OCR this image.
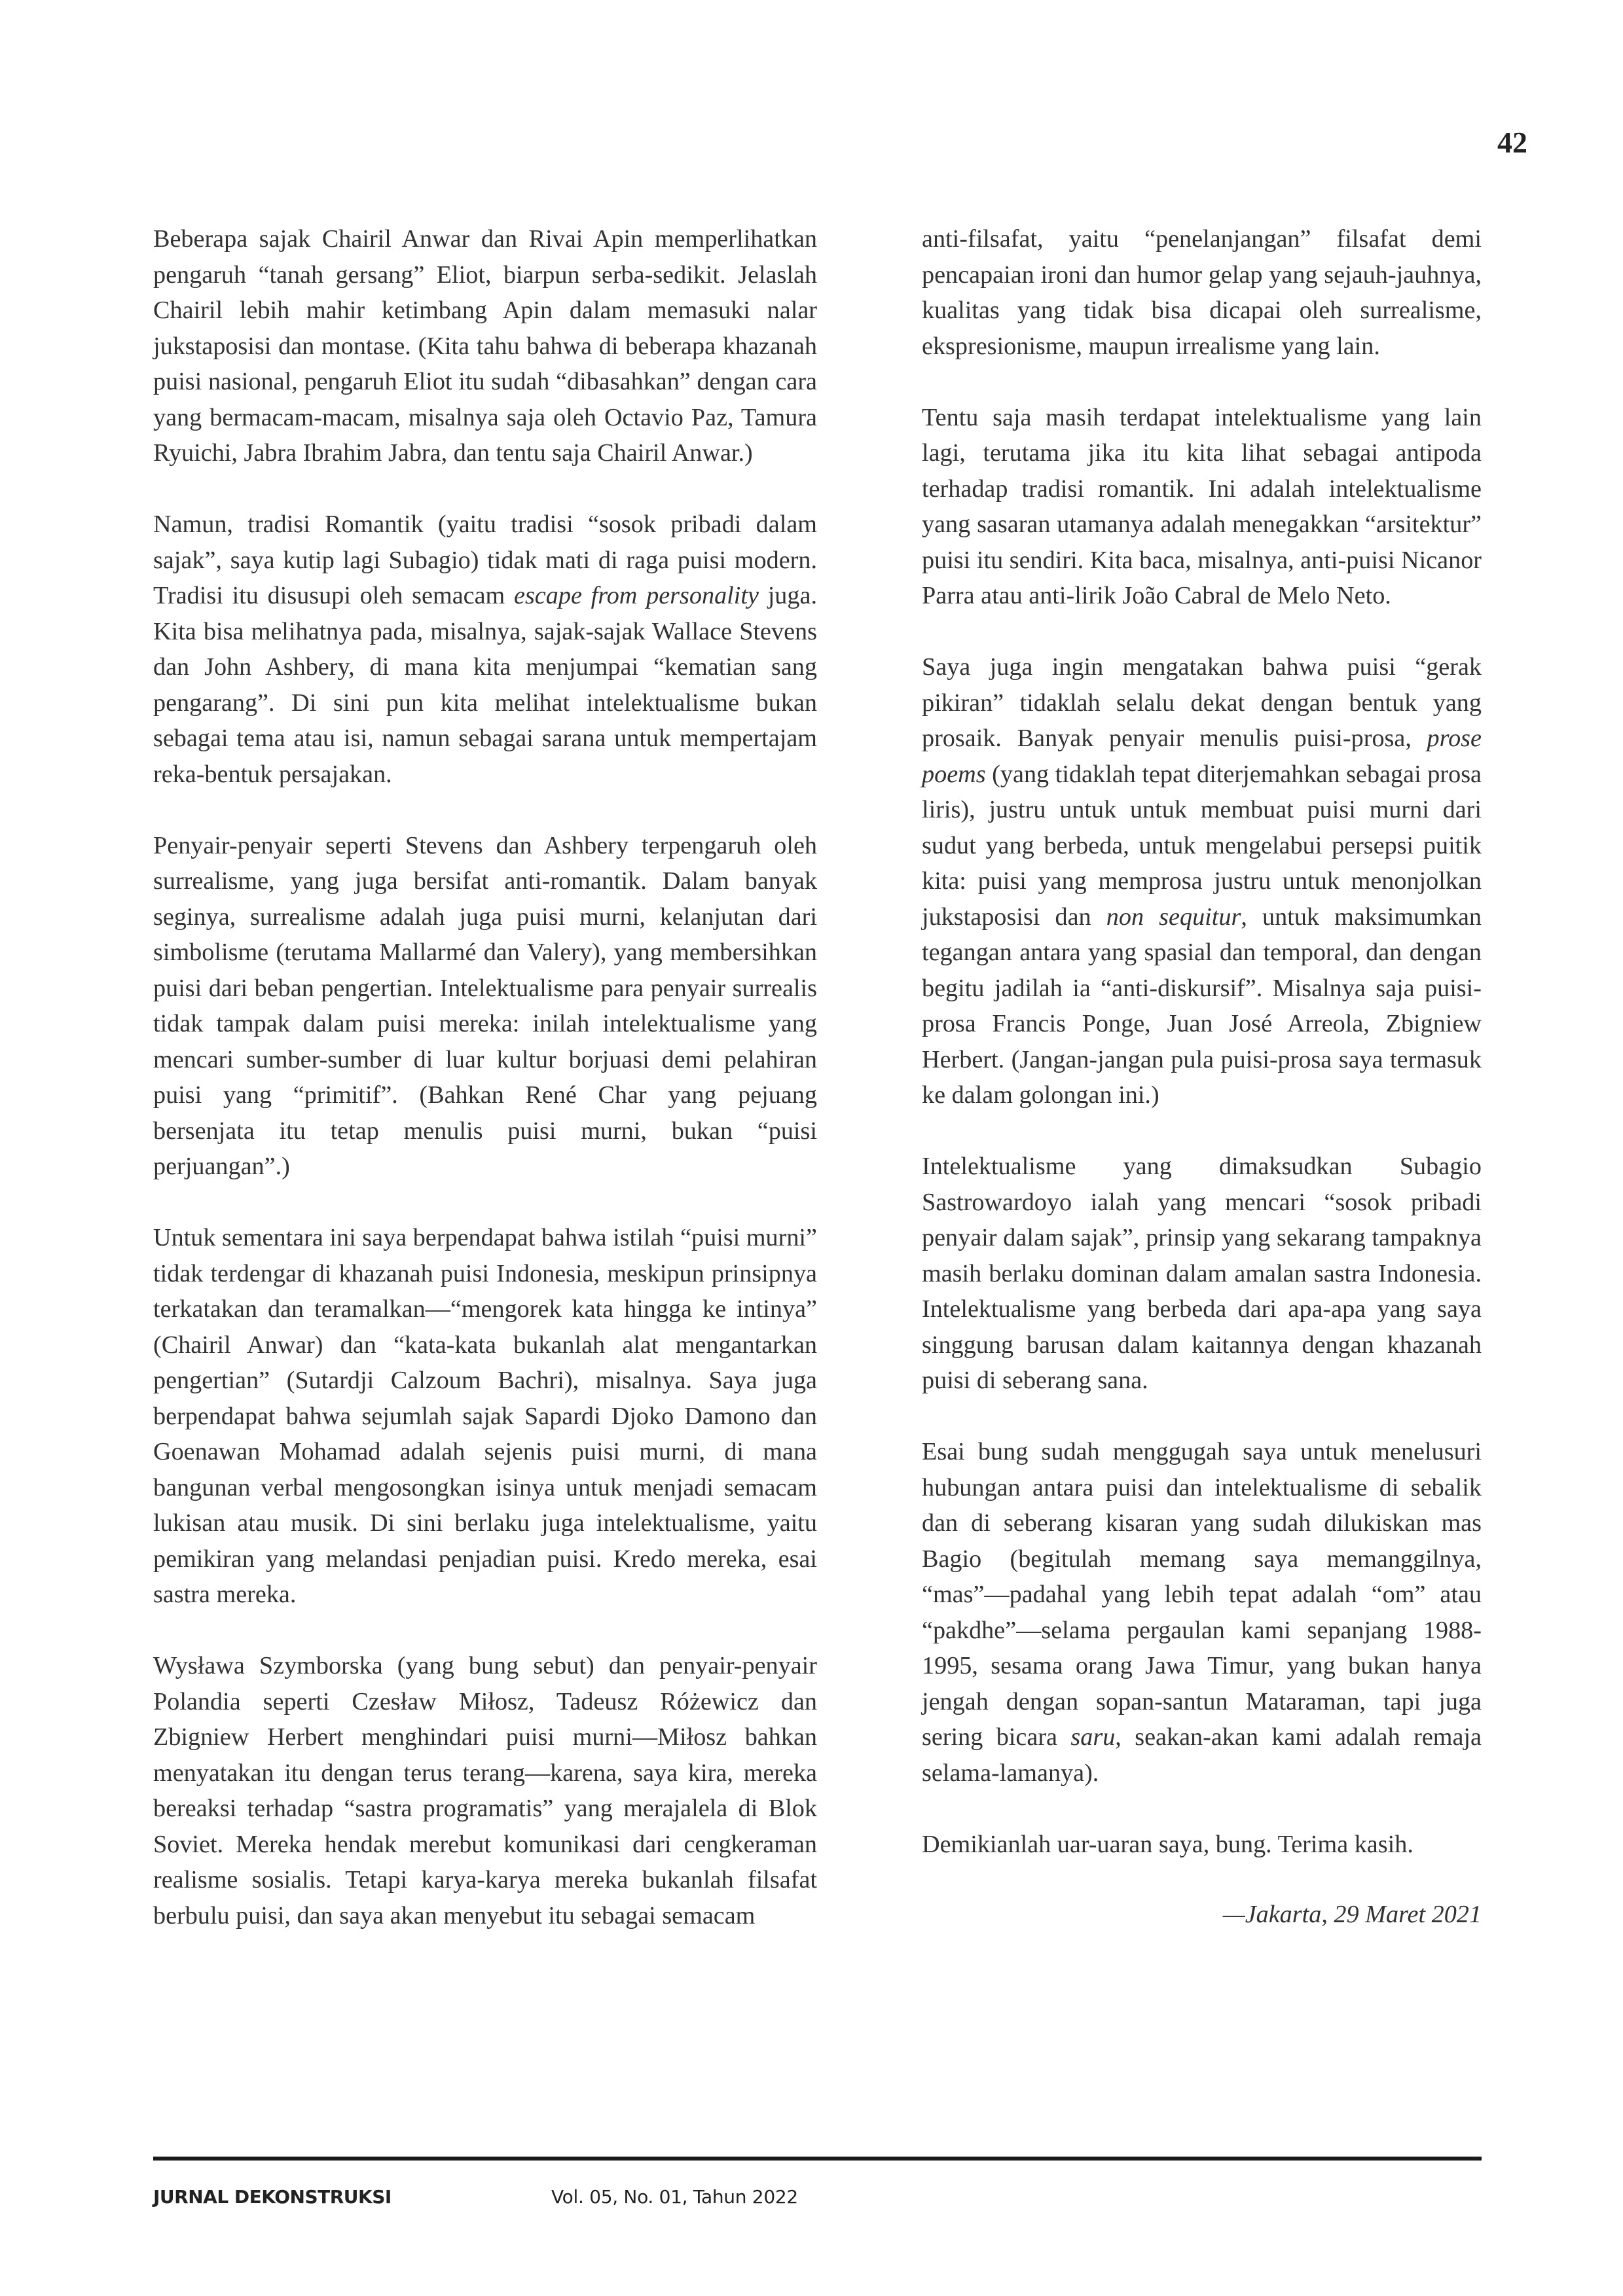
42

Beberapa sajak Chairil Anwar dan Rivai Apin memperlihatkan pengaruh “tanah gersang” Eliot, biarpun serba-sedikit. Jelaslah Chairil lebih mahir ketimbang Apin dalam memasuki nalar jukstaposisi dan montase. (Kita tahu bahwa di beberapa khazanah puisi nasional, pengaruh Eliot itu sudah “dibasahkan” dengan cara yang bermacam-macam, misalnya saja oleh Octavio Paz, Tamura Ryuichi, Jabra Ibrahim Jabra, dan tentu saja Chairil Anwar.)

Namun, tradisi Romantik (yaitu tradisi “sosok pribadi dalam sajak”, saya kutip lagi Subagio) tidak mati di raga puisi modern. Tradisi itu disusupi oleh semacam escape from personality juga. Kita bisa melihatnya pada, misalnya, sajak-sajak Wallace Stevens dan John Ashbery, di mana kita menjumpai “kematian sang pengarang”. Di sini pun kita melihat intelektualisme bukan sebagai tema atau isi, namun sebagai sarana untuk mempertajam reka-bentuk persajakan.

Penyair-penyair seperti Stevens dan Ashbery terpengaruh oleh surrealisme, yang juga bersifat anti-romantik. Dalam banyak seginya, surrealisme adalah juga puisi murni, kelanjutan dari simbolisme (terutama Mallarmé dan Valery), yang membersihkan puisi dari beban pengertian. Intelektualisme para penyair surrealis tidak tampak dalam puisi mereka: inilah intelektualisme yang mencari sumber-sumber di luar kultur borjuasi demi pelahiran puisi yang “primitif”. (Bahkan René Char yang pejuang bersenjata itu tetap menulis puisi murni, bukan “puisi perjuangan”.)

Untuk sementara ini saya berpendapat bahwa istilah “puisi murni” tidak terdengar di khazanah puisi Indonesia, meskipun prinsipnya terkatakan dan teramalkan—“mengorek kata hingga ke intinya” (Chairil Anwar) dan “kata-kata bukanlah alat mengantarkan pengertian” (Sutardji Calzoum Bachri), misalnya. Saya juga berpendapat bahwa sejumlah sajak Sapardi Djoko Damono dan Goenawan Mohamad adalah sejenis puisi murni, di mana bangunan verbal mengosongkan isinya untuk menjadi semacam lukisan atau musik. Di sini berlaku juga intelektualisme, yaitu pemikiran yang melandasi penjadian puisi. Kredo mereka, esai sastra mereka.

Wysława Szymborska (yang bung sebut) dan penyair-penyair Polandia seperti Czesław Miłosz, Tadeusz Różewicz dan Zbigniew Herbert menghindari puisi murni—Miłosz bahkan menyatakan itu dengan terus terang—karena, saya kira, mereka bereaksi terhadap “sastra programatis” yang merajalela di Blok Soviet. Mereka hendak merebut komunikasi dari cengkeraman realisme sosialis. Tetapi karya-karya mereka bukanlah filsafat berbulu puisi, dan saya akan menyebut itu sebagai semacam

anti-filsafat, yaitu “penelanjangan” filsafat demi pencapaian ironi dan humor gelap yang sejauh-jauhnya, kualitas yang tidak bisa dicapai oleh surrealisme, ekspresionisme, maupun irrealisme yang lain.

Tentu saja masih terdapat intelektualisme yang lain lagi, terutama jika itu kita lihat sebagai antipoda terhadap tradisi romantik. Ini adalah intelektualisme yang sasaran utamanya adalah menegakkan “arsitektur” puisi itu sendiri. Kita baca, misalnya, anti-puisi Nicanor Parra atau anti-lirik João Cabral de Melo Neto.

Saya juga ingin mengatakan bahwa puisi “gerak pikiran” tidaklah selalu dekat dengan bentuk yang prosaik. Banyak penyair menulis puisi-prosa, prose poems (yang tidaklah tepat diterjemahkan sebagai prosa liris), justru untuk untuk membuat puisi murni dari sudut yang berbeda, untuk mengelabui persepsi puitik kita: puisi yang memprosa justru untuk menonjolkan jukstaposisi dan non sequitur, untuk maksimumkan tegangan antara yang spasial dan temporal, dan dengan begitu jadilah ia “anti-diskursif”. Misalnya saja puisi-prosa Francis Ponge, Juan José Arreola, Zbigniew Herbert. (Jangan-jangan pula puisi-prosa saya termasuk ke dalam golongan ini.)

Intelektualisme yang dimaksudkan Subagio Sastrowardoyo ialah yang mencari “sosok pribadi penyair dalam sajak”, prinsip yang sekarang tampaknya masih berlaku dominan dalam amalan sastra Indonesia. Intelektualisme yang berbeda dari apa-apa yang saya singgung barusan dalam kaitannya dengan khazanah puisi di seberang sana.

Esai bung sudah menggugah saya untuk menelusuri hubungan antara puisi dan intelektualisme di sebalik dan di seberang kisaran yang sudah dilukiskan mas Bagio (begitulah memang saya memanggilnya, “mas”—padahal yang lebih tepat adalah “om” atau “pakdhe”—selama pergaulan kami sepanjang 1988-1995, sesama orang Jawa Timur, yang bukan hanya jengah dengan sopan-santun Mataraman, tapi juga sering bicara saru, seakan-akan kami adalah remaja selama-lamanya).

Demikianlah uar-uaran saya, bung. Terima kasih.

—Jakarta, 29 Maret 2021

JURNAL DEKONSTRUKSI	Vol. 05, No. 01, Tahun 2022
